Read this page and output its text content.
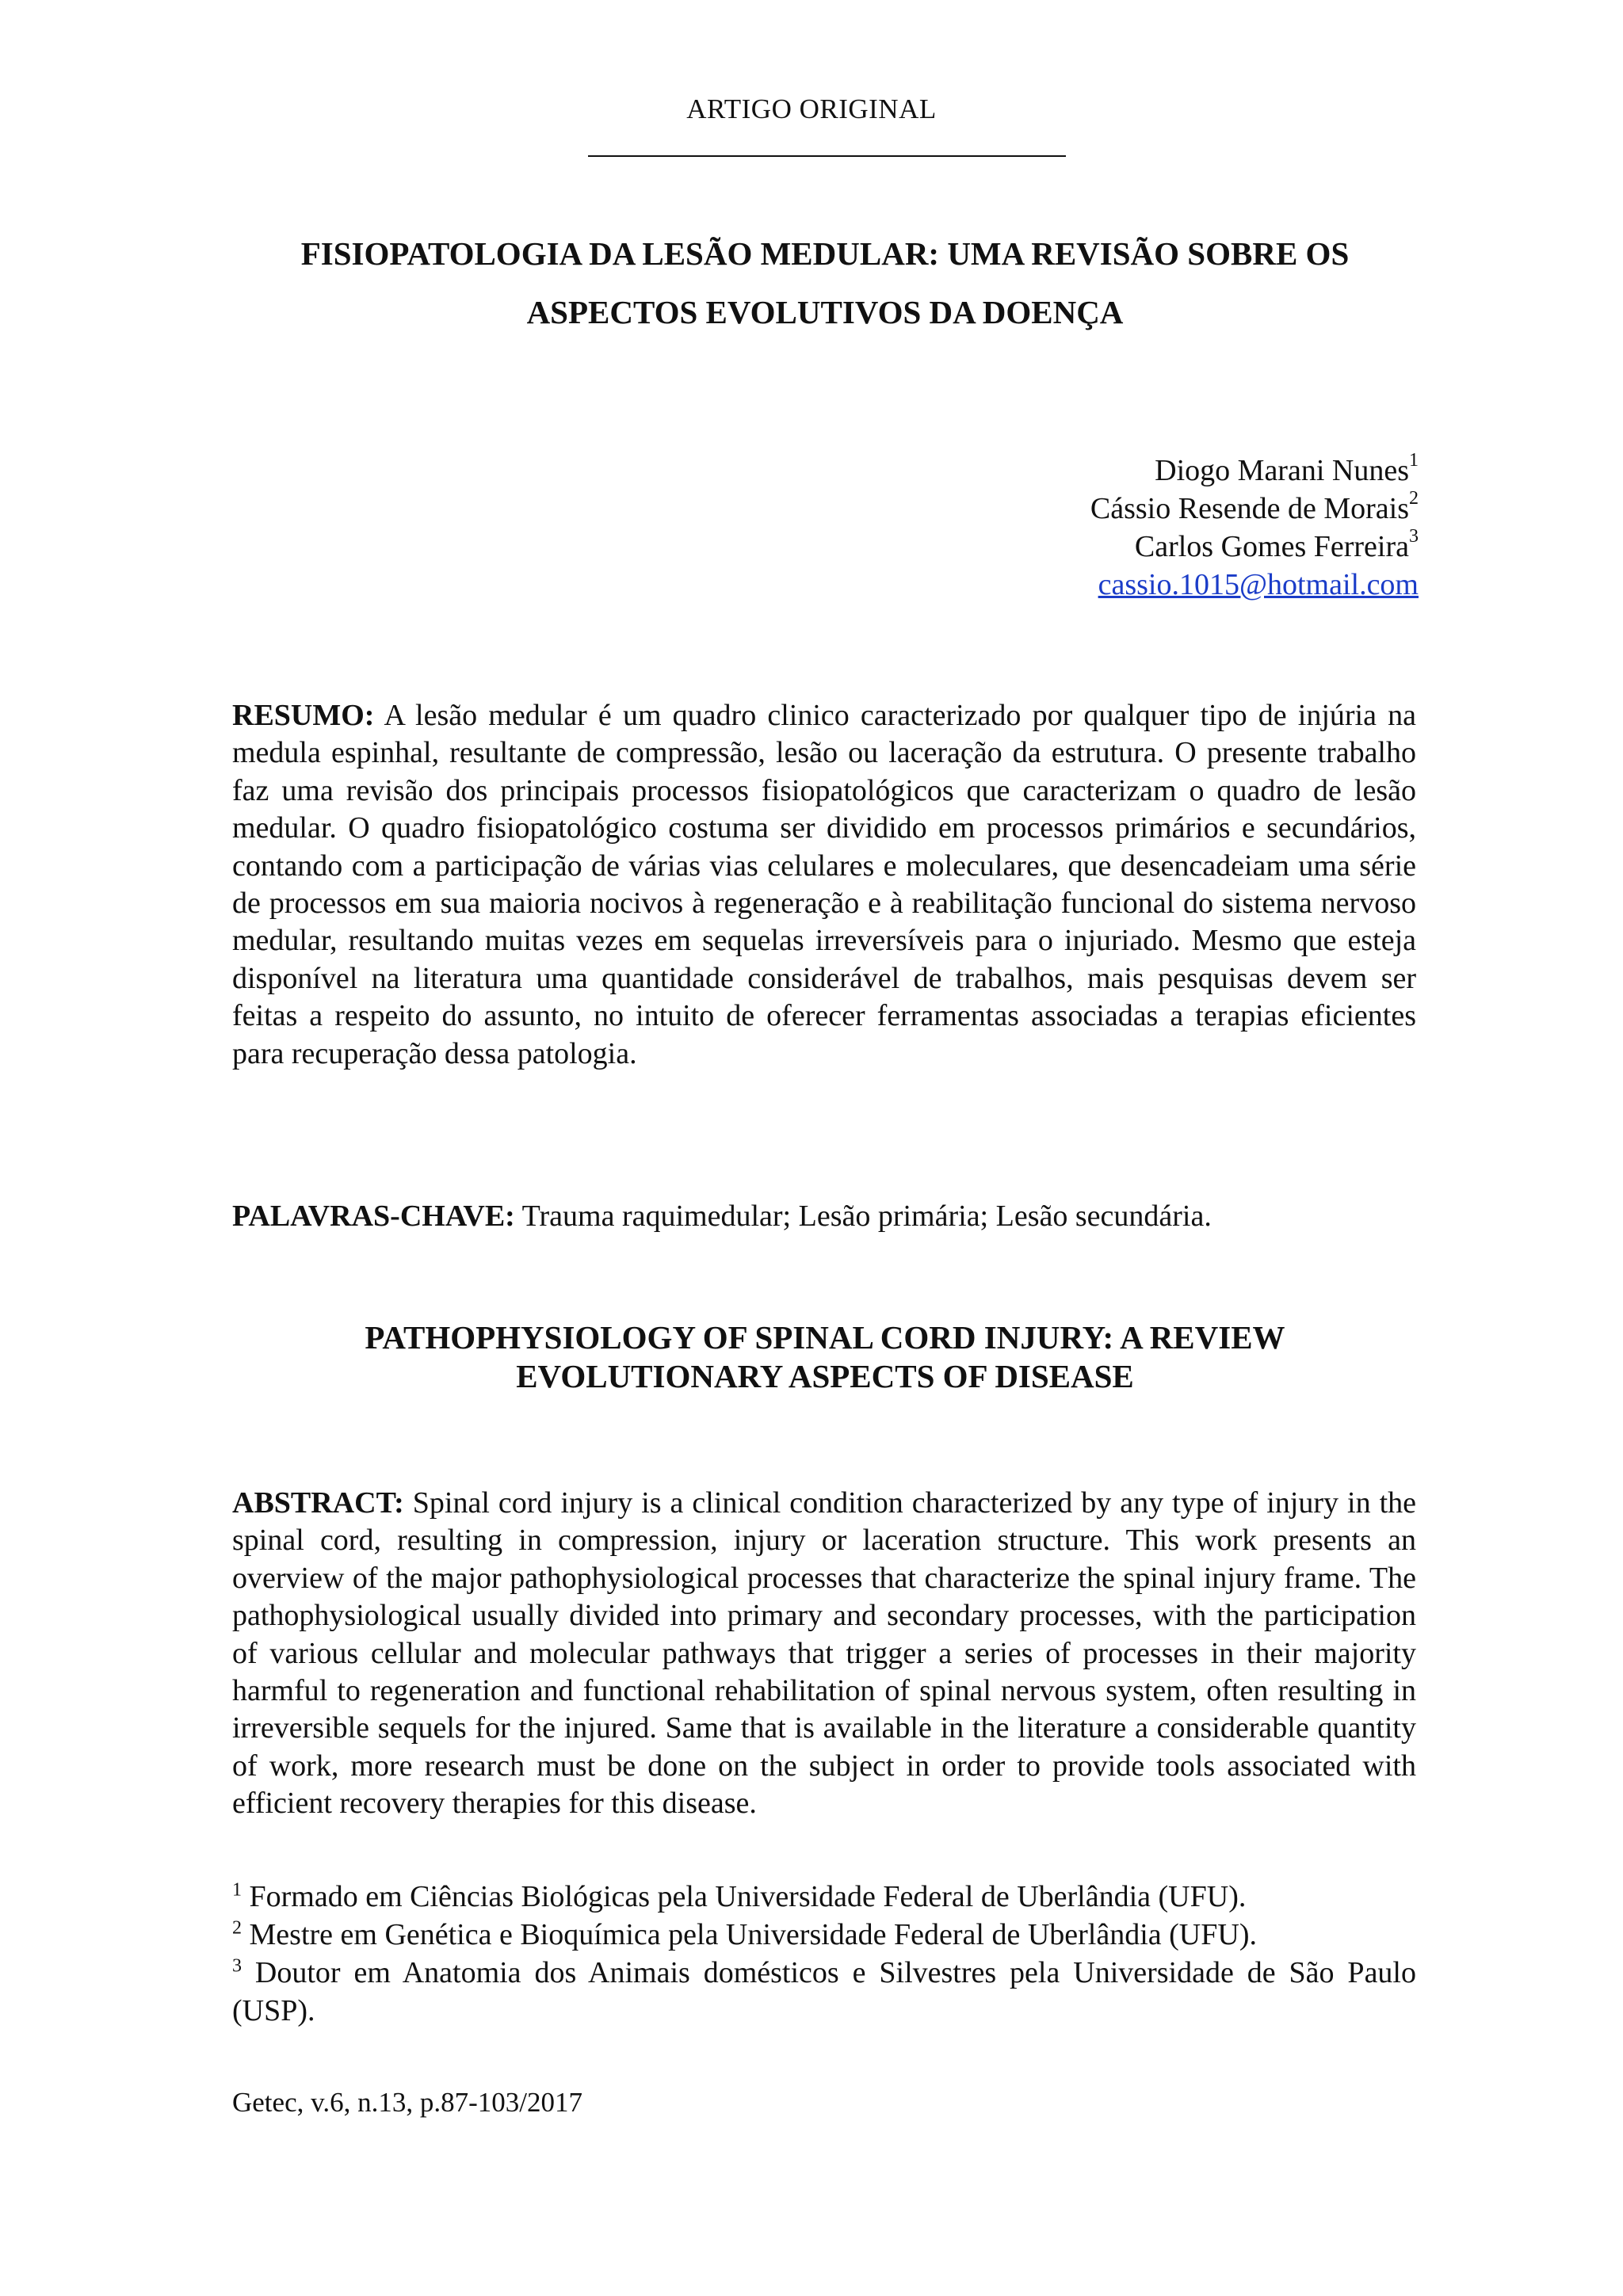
ARTIGO ORIGINAL
FISIOPATOLOGIA DA LESÃO MEDULAR: UMA REVISÃO SOBRE OS
ASPECTOS EVOLUTIVOS DA DOENÇA
Diogo Marani Nunes$^1$
Cássio Resende de Morais$^2$
Carlos Gomes Ferreira$^3$
cassio.1015@hotmail.com
RESUMO: A lesão medular é um quadro clinico caracterizado por qualquer tipo de injúria na medula espinhal, resultante de compressão, lesão ou laceração da estrutura. O presente trabalho faz uma revisão dos principais processos fisiopatológicos que caracterizam o quadro de lesão medular. O quadro fisiopatológico costuma ser dividido em processos primários e secundários, contando com a participação de várias vias celulares e moleculares, que desencadeiam uma série de processos em sua maioria nocivos à regeneração e à reabilitação funcional do sistema nervoso medular, resultando muitas vezes em sequelas irreversíveis para o injuriado. Mesmo que esteja disponível na literatura uma quantidade considerável de trabalhos, mais pesquisas devem ser feitas a respeito do assunto, no intuito de oferecer ferramentas associadas a terapias eficientes para recuperação dessa patologia.
PALAVRAS-CHAVE: Trauma raquimedular; Lesão primária; Lesão secundária.
PATHOPHYSIOLOGY OF SPINAL CORD INJURY: A REVIEW
EVOLUTIONARY ASPECTS OF DISEASE
ABSTRACT: Spinal cord injury is a clinical condition characterized by any type of injury in the spinal cord, resulting in compression, injury or laceration structure. This work presents an overview of the major pathophysiological processes that characterize the spinal injury frame. The pathophysiological usually divided into primary and secondary processes, with the participation of various cellular and molecular pathways that trigger a series of processes in their majority harmful to regeneration and functional rehabilitation of spinal nervous system, often resulting in irreversible sequels for the injured. Same that is available in the literature a considerable quantity of work, more research must be done on the subject in order to provide tools associated with efficient recovery therapies for this disease.

$^1$ Formado em Ciências Biológicas pela Universidade Federal de Uberlândia (UFU).

$^2$ Mestre em Genética e Bioquímica pela Universidade Federal de Uberlândia (UFU).

$^3$ Doutor em Anatomia dos Animais domésticos e Silvestres pela Universidade de São Paulo (USP).

Getec, v.6, n.13, p.87-103/2017
